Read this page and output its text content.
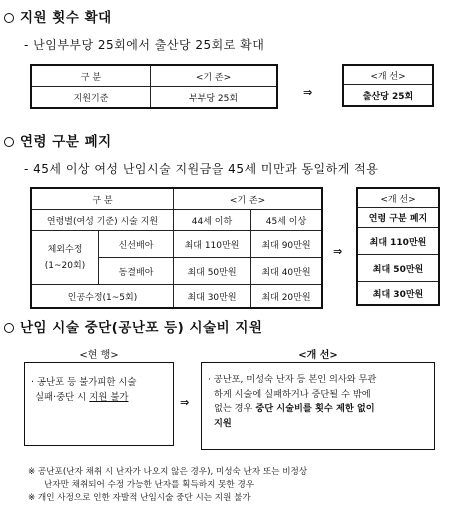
지원 횟수 확대
- 난임부부당 25회에서 출산당 25회로 확대
구 분	<기 존>
지원기준	부부당 25회	⇒
<개 선>
출산당 25회
연령 구분 폐지
- 45세 이상 여성 난임시술 지원금을 45세 미만과 동일하게 적용
구 분		<기 존>	
연령별(여성 기준) 시술 지원		44세 이하	45세 이상
체외수정
(1~20회)	신선배아	최대 110만원	최대 90만원
	동결배아	최대 50만원	최대 40만원
인공수정(1~5회)		최대 30만원	최대 20만원
⇒
<개 선>
연령 구분 폐지
최대 110만원
최대 50만원
최대 30만원
난임 시술 중단(공난포 등) 시술비 지원
<현 행>
· 공난포 등 불가피한 시술
실패·중단 시 지원 불가	⇒
<개 선>
· 공난포, 미성숙 난자 등 본인 의사와 무관
하게 시술에 실패하거나 중단될 수 밖에
없는 경우 중단 시술비를 횟수 제한 없이
지원
※ 공난포(난자 채취 시 난자가 나오지 않은 경우), 미성숙 난자 또는 비정상
난자만 채취되어 수정 가능한 난자를 획득하지 못한 경우
※ 개인 사정으로 인한 자발적 난임시술 중단 시는 지원 불가
